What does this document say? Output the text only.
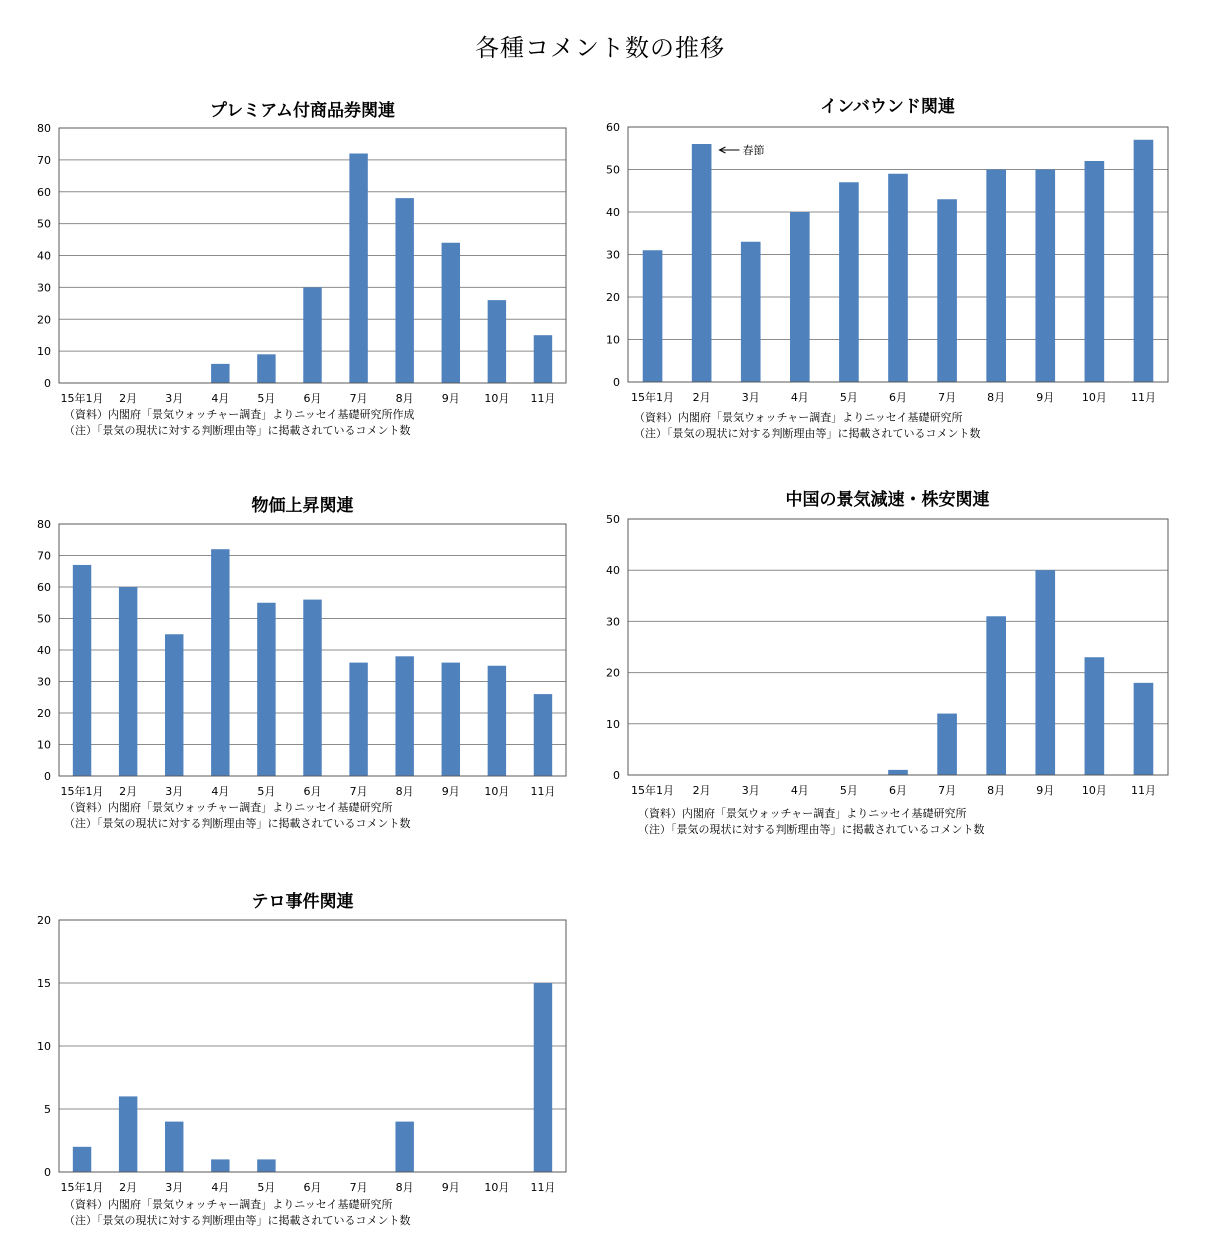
各種コメント数の推移
プレミアム付商品券関連
0
10
20
30
40
50
60
70
80
15年1月 2月	3月	4月	5月	6月	7月	8月	9月 10月 11月
（資料）内閣府「景気ウォッチャー調査」よりニッセイ基礎研究所作成
（注）「景気の現状に対する判断理由等」に掲載されているコメント数
インバウンド関連
0
10
20
30
40
50
60
15年1月 2月	3月	4月	5月	6月	7月	8月	9月	10月 11月
春節
（資料）内閣府「景気ウォッチャー調査」よりニッセイ基礎研究所
（注）「景気の現状に対する判断理由等」に掲載されているコメント数
物価上昇関連
0
10
20
30
40
50
60
70
80
15年1月 2月	3月	4月	5月	6月	7月	8月	9月 10月 11月
（資料）内閣府「景気ウォッチャー調査」よりニッセイ基礎研究所
（注）「景気の現状に対する判断理由等」に掲載されているコメント数
中国の景気減速・株安関連
0
10
20
30
40
50
15年1月 2月	3月	4月	5月	6月	7月	8月	9月	10月 11月
（資料）内閣府「景気ウォッチャー調査」よりニッセイ基礎研究所
（注）「景気の現状に対する判断理由等」に掲載されているコメント数
テロ事件関連
0
5
10
15
20
15年1月 2月	3月	4月	5月	6月	7月	8月	9月 10月 11月
（資料）内閣府「景気ウォッチャー調査」よりニッセイ基礎研究所
（注）「景気の現状に対する判断理由等」に掲載されているコメント数
